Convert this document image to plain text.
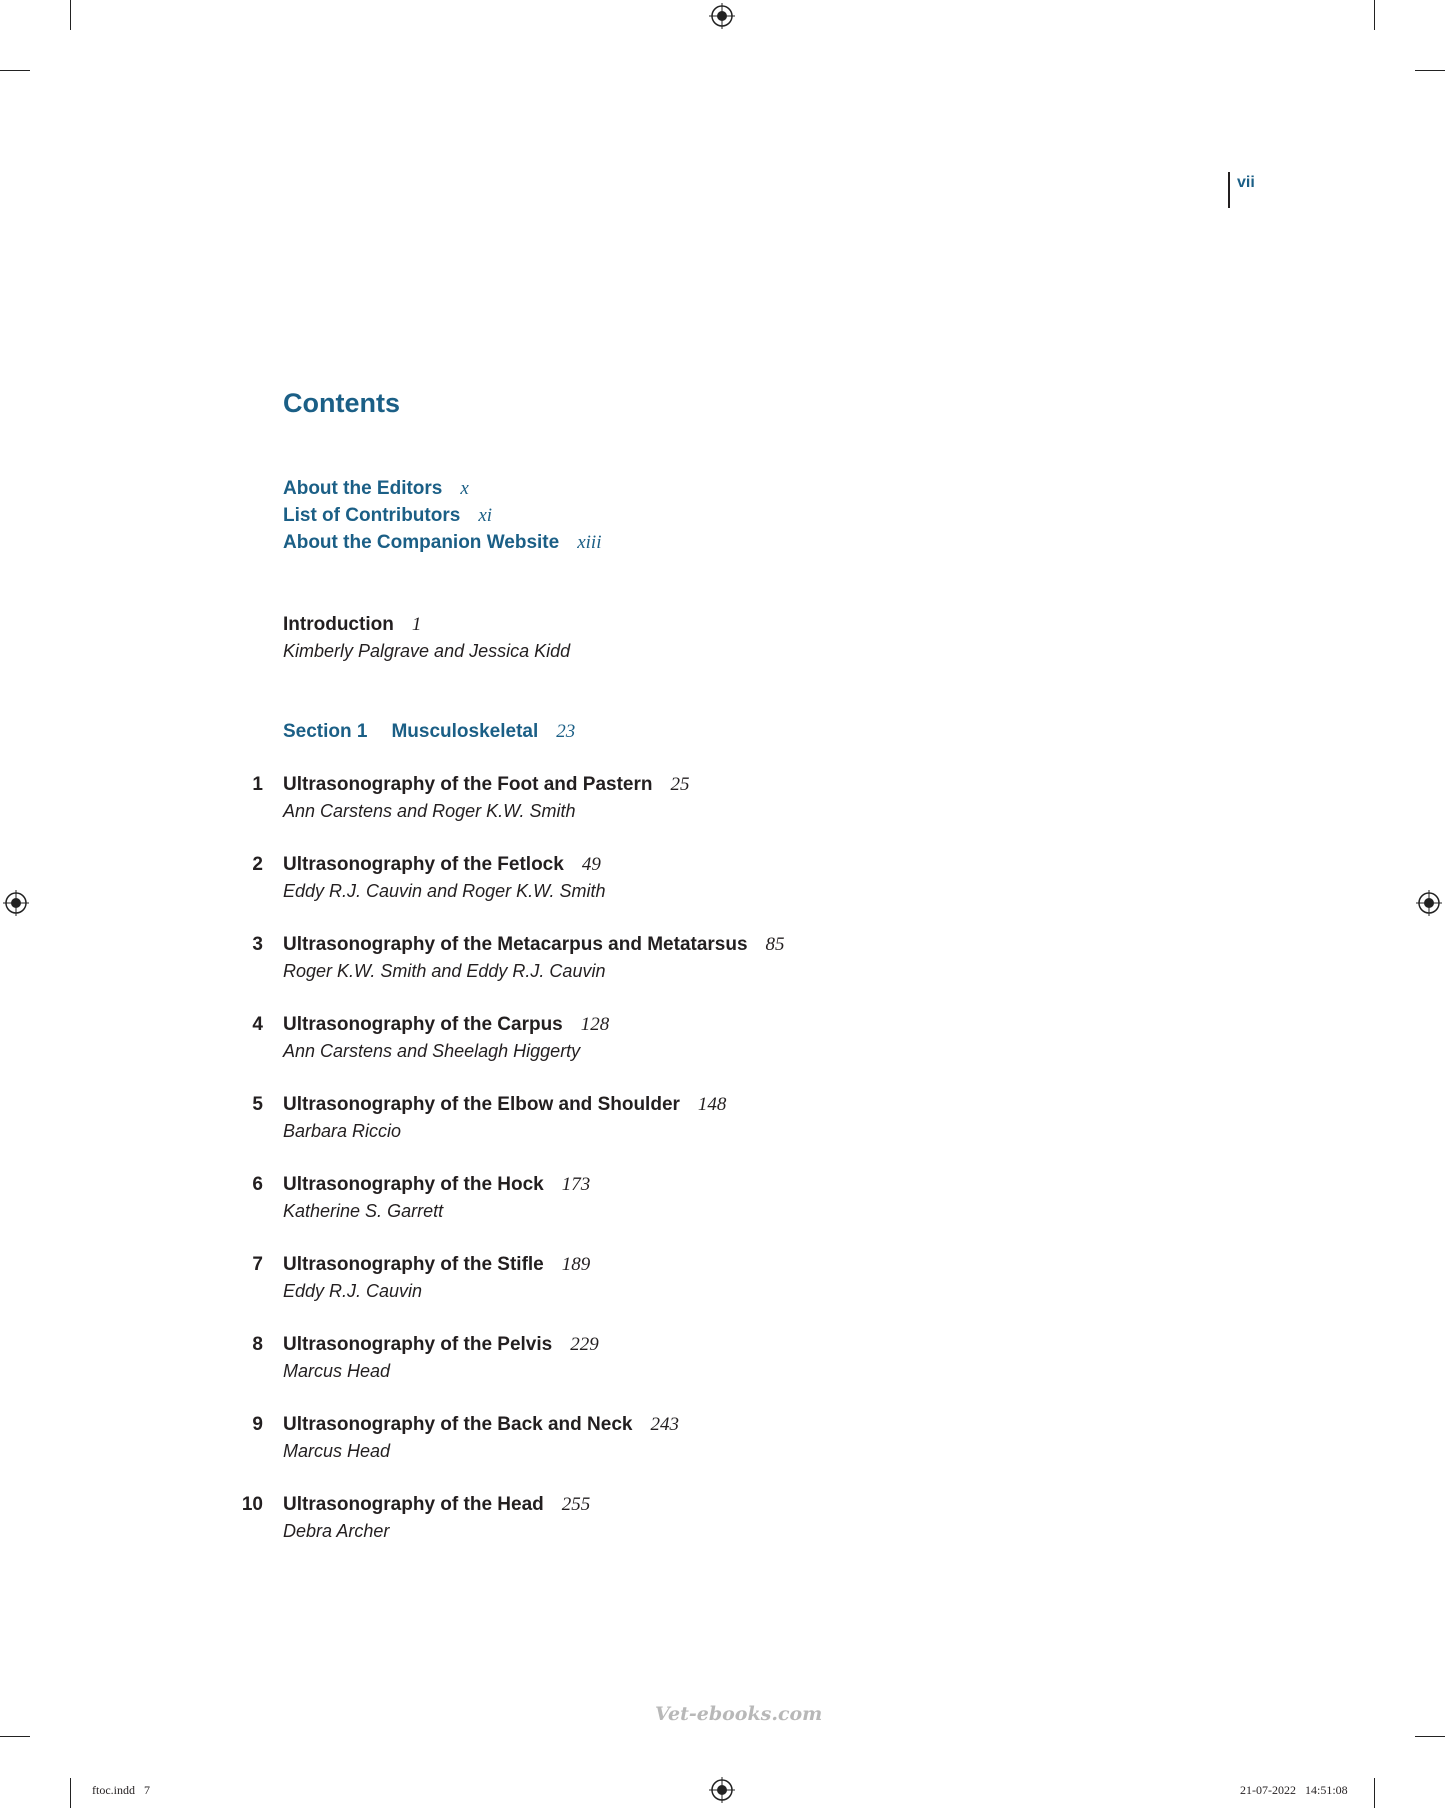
vii
Contents
About the Editors x
List of Contributors xi
About the Companion Website xiii
Introduction 1
Kimberly Palgrave and Jessica Kidd
Section 1 Musculoskeletal 23
1 Ultrasonography of the Foot and Pastern 25
Ann Carstens and Roger K.W. Smith
2 Ultrasonography of the Fetlock 49
Eddy R.J. Cauvin and Roger K.W. Smith
3 Ultrasonography of the Metacarpus and Metatarsus 85
Roger K.W. Smith and Eddy R.J. Cauvin
4 Ultrasonography of the Carpus 128
Ann Carstens and Sheelagh Higgerty
5 Ultrasonography of the Elbow and Shoulder 148
Barbara Riccio
6 Ultrasonography of the Hock 173
Katherine S. Garrett
7 Ultrasonography of the Stifle 189
Eddy R.J. Cauvin
8 Ultrasonography of the Pelvis 229
Marcus Head
9 Ultrasonography of the Back and Neck 243
Marcus Head
10 Ultrasonography of the Head 255
Debra Archer
Vet-ebooks.com
ftoc.indd   7	21-07-2022   14:51:08
